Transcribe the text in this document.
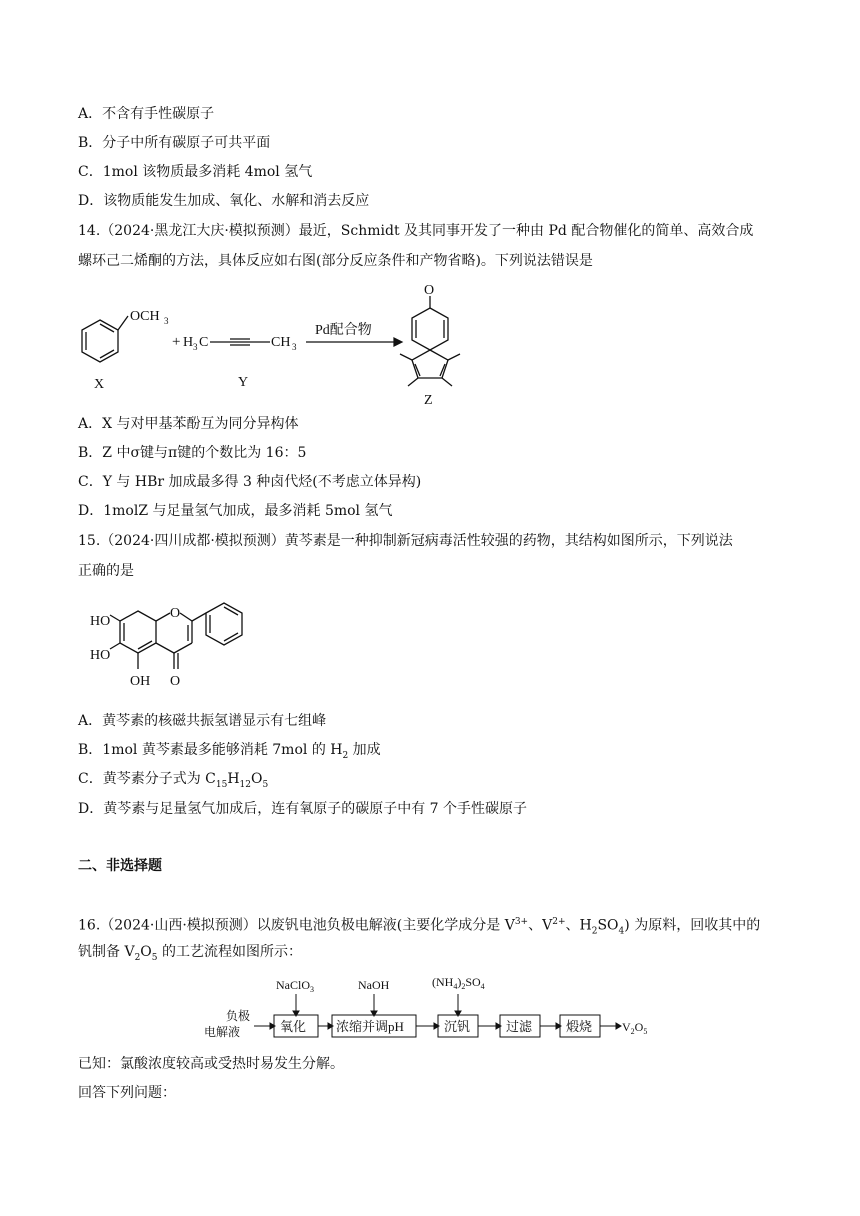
A．不含有手性碳原子
B．分子中所有碳原子可共平面
C．1mol 该物质最多消耗 4mol 氢气
D．该物质能发生加成、氧化、水解和消去反应
14.（2024·黑龙江大庆·模拟预测）最近，Schmidt 及其同事开发了一种由 Pd 配合物催化的简单、高效合成
螺环己二烯酮的方法，具体反应如右图(部分反应条件和产物省略)。下列说法错误是
OCH 3
X
+ H 3 C	CH 3
Y
Pd配合物
O
Z
A．X 与对甲基苯酚互为同分异构体
B．Z 中σ键与π键的个数比为 16：5
C．Y 与 HBr 加成最多得 3 种卤代烃(不考虑立体异构)
D．1molZ 与足量氢气加成，最多消耗 5mol 氢气
15.（2024·四川成都·模拟预测）黄芩素是一种抑制新冠病毒活性较强的药物，其结构如图所示，下列说法
正确的是
HO
HO
OH
O
O
A．黄芩素的核磁共振氢谱显示有七组峰
B．1mol 黄芩素最多能够消耗 7mol 的 $H_2$ 加成
C．黄芩素分子式为 $C_{15}H_{12}O_5$
D．黄芩素与足量氢气加成后，连有氧原子的碳原子中有 7 个手性碳原子
二、非选择题
16.（2024·山西·模拟预测）以废钒电池负极电解液(主要化学成分是 $V^{3+}$、$V^{2+}$、$H_2SO_4$) 为原料，回收其中的
钒制备 $V_2O_5$ 的工艺流程如图所示：
负极
电解液	氧化 浓缩并调pH	沉钒	过滤	煅烧
NaClO$_3$	NaOH	$(NH_4)_2SO_4$
$V_2O_5$
已知：氯酸浓度较高或受热时易发生分解。
回答下列问题：
